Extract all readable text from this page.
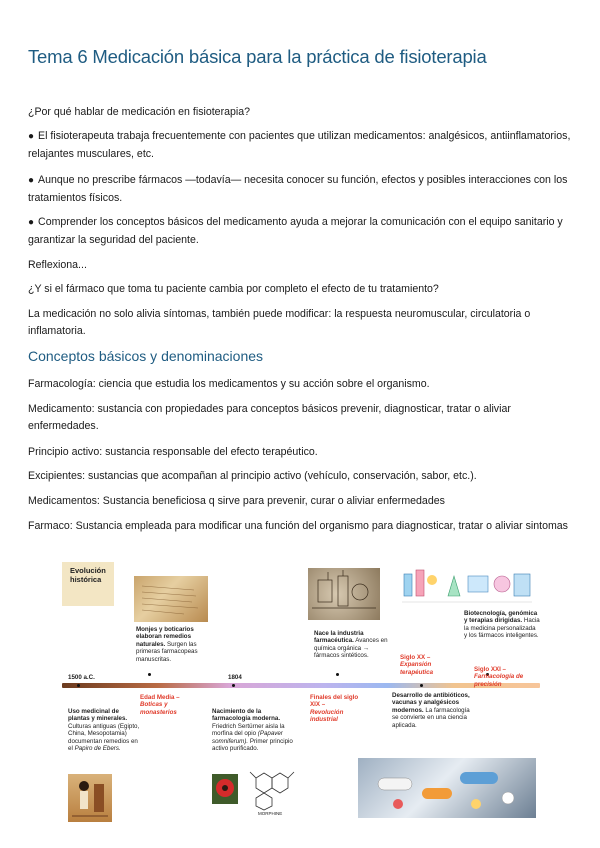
Tema 6 Medicación básica para la práctica de fisioterapia
¿Por qué hablar de medicación en fisioterapia?
● El fisioterapeuta trabaja frecuentemente con pacientes que utilizan medicamentos: analgésicos, antiinflamatorios, relajantes musculares, etc.
● Aunque no prescribe fármacos —todavía— necesita conocer su función, efectos y posibles interacciones con los tratamientos físicos.
● Comprender los conceptos básicos del medicamento ayuda a mejorar la comunicación con el equipo sanitario y garantizar la seguridad del paciente.
Reflexiona...
¿Y si el fármaco que toma tu paciente cambia por completo el efecto de tu tratamiento?
La medicación no solo alivia síntomas, también puede modificar: la respuesta neuromuscular, circulatoria o inflamatoria.
Conceptos básicos y denominaciones
Farmacología: ciencia que estudia los medicamentos y su acción sobre el organismo.
Medicamento: sustancia con propiedades para conceptos básicos prevenir, diagnosticar, tratar o aliviar enfermedades.
Principio activo: sustancia responsable del efecto terapéutico.
Excipientes: sustancias que acompañan al principio activo (vehículo, conservación, sabor, etc.).
Medicamentos: Sustancia beneficiosa q sirve para prevenir, curar o aliviar enfermedades
Farmaco: Sustancia empleada para modificar una función del organismo para diagnosticar, tratar o aliviar sintomas
Evolución histórica
Monjes y boticarios elaboran remedios naturales. Surgen las primeras farmacopeas manuscritas.
Nace la industria farmacéutica. Avances en química orgánica → fármacos sintéticos.
Biotecnología, genómica y terapias dirigidas. Hacia la medicina personalizada y los fármacos inteligentes.
1500 a.C.	1804
Siglo XX –
Expansión terapéutica
Edad Media –
Boticas y monasterios
Finales del siglo XIX –
Revolución industrial
Siglo XXI –
Farmacología de precisión
Uso medicinal de plantas y minerales. Culturas antiguas (Egipto, China, Mesopotamia) documentan remedios en el Papiro de Ebers.
Nacimiento de la farmacología moderna. Friedrich Sertürner aisla la morfina del opio (Papaver somniferum). Primer principio activo purificado.
Desarrollo de antibióticos, vacunas y analgésicos modernos. La farmacología se convierte en una ciencia aplicada.
MORPHINE
